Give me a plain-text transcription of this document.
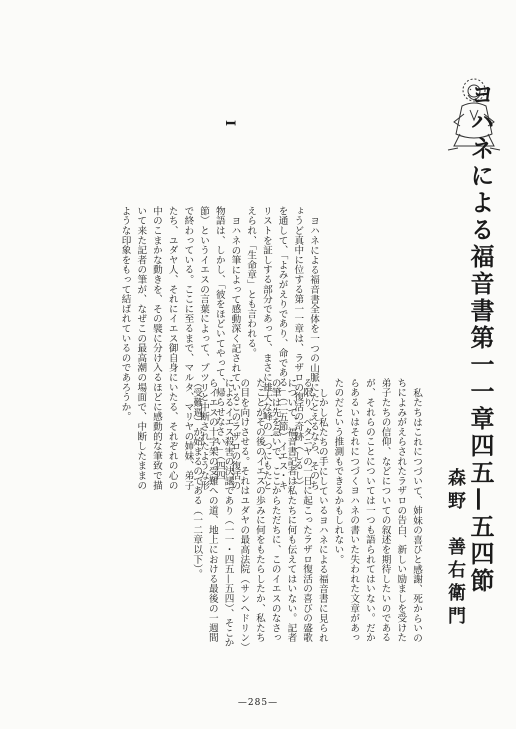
ヨハネによる福音書第一一章四五—五四節
森野　善右衛門
I

ヨハネによる福音書全体を一つの山脈にたとえるなら、そのちょうど真中に位する第一一章は、ラザロの復活の奇跡（しるし）を通して、「よみがえりであり、命である」（二五節）イエス・キリストを証しする部分であって、まさに雄大な峰の一つにもたとえられ、「生命章」とも言われる。

ヨハネの筆によって感動深く記されているこのラザロの復活の物語は、しかし、「彼をほどいてやって、帰らせなさい」（四四節）というイエスの言葉によって、プツリと中断されたような形で終わっている。ここに至るまで、マルタ、マリヤの姉妹、弟子たち、ユダヤ人、それにイエス御自身にいたる、それぞれの心の中のこまかな動きを、その襞に分け入るほどに感動的な筆致で描いて来た記者の筆が、なぜこの最高潮の場面で、中断したままのような印象をもって結ばれているのであろうか。

私たちはこれにつづいて、姉妹の喜びと感謝、死からいのちによみがえらされたラザロの告白、新しい励ましを受けた弟子たちの信仰、などについての叙述を期待したいのであるが、それらのことについては一つも語られてはいない。だからあるいはそれにつづくヨハネの書いた失われた文章があったのだという推測もできるかもしれない。

しかし私たちの手にしているヨハネによる福音書に見られる限り、ベタニヤの一日に起こったラザロ復活の喜びの盛歌について、福音書記者は私たちに何も伝えてはいない。記者の筆は先を急いで、ここからただちに、このイエスのなさったことがその後のイエスの歩みに何をもたらしたか、私たちの目を向けさせる。それはユダヤの最高法院（サンヘドリン）によるイエス殺害の決議であり（一一・四五—五四）、そこからイエスの十字架の受難への道、地上における最後の一週間（受難週）が始まるのである（一二章以下）。

—285—
